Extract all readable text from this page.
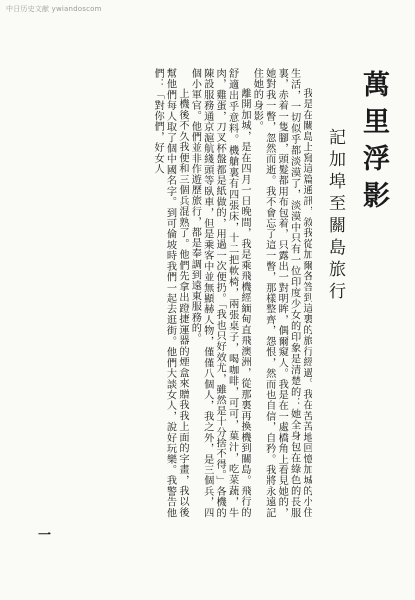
中日历史文献 ywiandoscom
萬里浮影
記加埠至關島旅行

我是在關島上寫這篇通訊，敘我從加爾各答到這裏的旅行經過。我在苦苦地回憶加城的小住生活，一切似乎都淡漠了，淡漠中只有一位印度少女的印象是清楚的：她全身包在綠色的長服裏，赤着一隻腳，頭髮都用布包着，只露出一對明眸，偶爾窺人。我是在一處橋角上看見她的，她對我一瞥，忽然而逝。我不會忘了這一瞥，那樣整齊，怨恨，然而也自信，自矜。我將永遠記住她的身影。

離開加城，是在四月一日晚間，我是乘飛機經緬甸直飛澳洲，從那裏再換機到關島。飛行的舒適出乎意料。機艙裏有四張床，十二把軟椅，兩張桌子，喝咖啡，可可，菓汁，吃菜蔬，牛肉，雞蛋，刀叉杯盤都是紙做的，用過一次便扔。「我也只好效尤，雖然是十分捨不得。」各機的陳設服務通京滬航綫頭等臥車，但是乘客中並無顯赫人物，僅僅八個人，我之外，是三個兵，四個小軍官。他們並非作遊歷旅行，都是奉調到遠東服務的。

上機後不久我便和三個兵混熟了。他們先拿出蹬捷運器的煙盒來贈我我上面的字畫，我以後幫他們每人取了個中國名字。到可倫坡時我們一起去逛街。他們大談女人，說好玩樂。我警告他們：「對你們，好女人

一
